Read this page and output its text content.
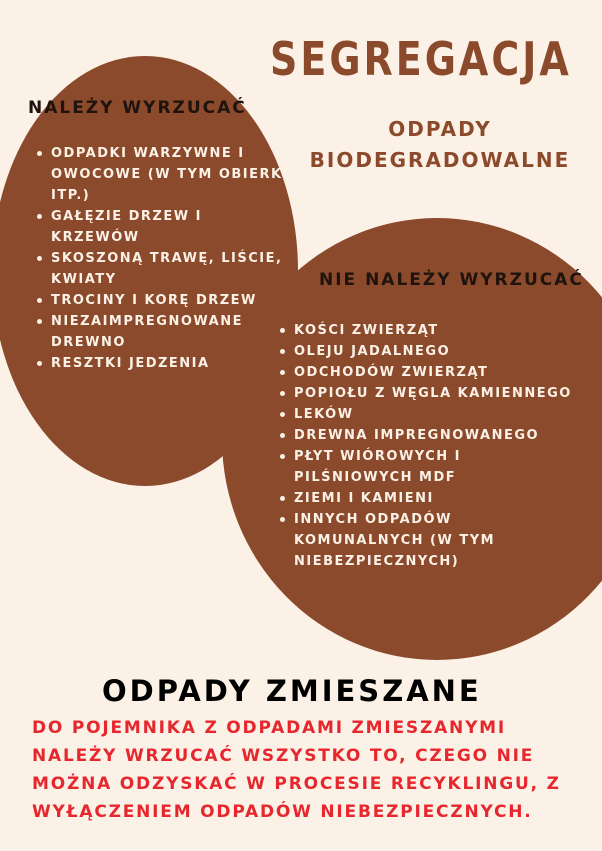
SEGREGACJA
ODPADY
BIODEGRADOWALNE
NALEŻY WYRZUCAĆ
ODPADKI WARZYWNE I OWOCOWE (W TYM OBIERKI ITP.)
GAŁĘZIE DRZEW I KRZEWÓW
SKOSZONĄ TRAWĘ, LIŚCIE, KWIATY
TROCINY I KORĘ DRZEW
NIEZAIMPREGNOWANE DREWNO
RESZTKI JEDZENIA
NIE NALEŻY WYRZUCAĆ
KOŚCI ZWIERZĄT
OLEJU JADALNEGO
ODCHODÓW ZWIERZĄT
POPIOŁU Z WĘGLA KAMIENNEGO
LEKÓW
DREWNA IMPREGNOWANEGO
PŁYT WIÓROWYCH I PILŚNIOWYCH MDF
ZIEMI I KAMIENI
INNYCH ODPADÓW KOMUNALNYCH (W TYM NIEBEZPIECZNYCH)
ODPADY ZMIESZANE

DO POJEMNIKA Z ODPADAMI ZMIESZANYMI NALEŻY WRZUCAĆ WSZYSTKO TO, CZEGO NIE MOŻNA ODZYSKAĆ W PROCESIE RECYKLINGU, Z WYŁĄCZENIEM ODPADÓW NIEBEZPIECZNYCH.
